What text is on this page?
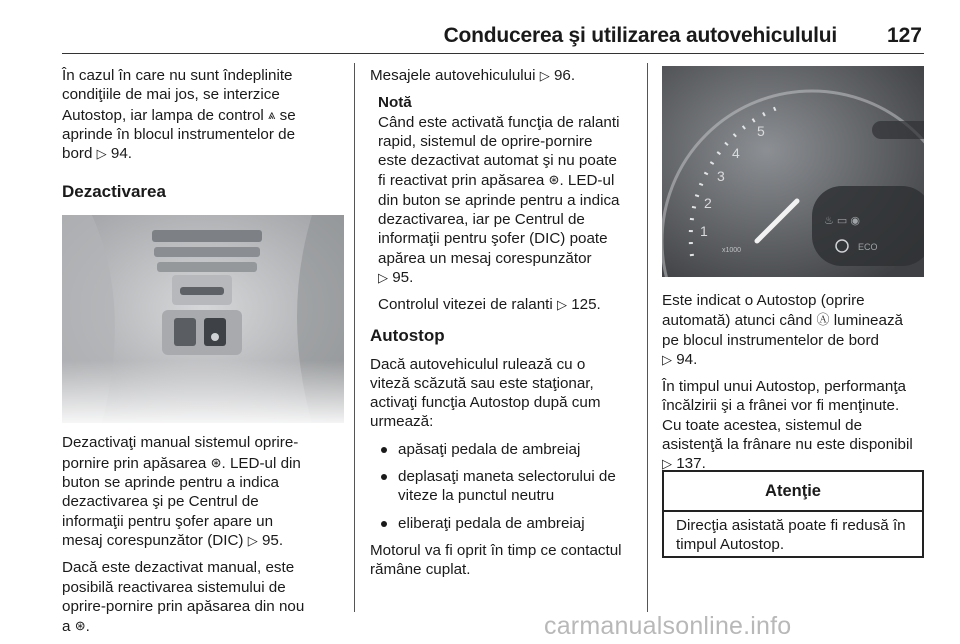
Conducerea şi utilizarea autovehiculului 127

În cazul în care nu sunt îndeplinite
condiţiile de mai jos, se interzice
Autostop, iar lampa de control ⩓ se
aprinde în blocul instrumentelor de
bord ▷ 94.

Dezactivarea

Dezactivaţi manual sistemul oprire-
pornire prin apăsarea ⊛. LED-ul din
buton se aprinde pentru a indica
dezactivarea şi pe Centrul de
informaţii pentru şofer apare un
mesaj corespunzător (DIC) ▷ 95.

Dacă este dezactivat manual, este
posibilă reactivarea sistemului de
oprire-pornire prin apăsarea din nou
a ⊛.

Mesajele autovehiculului ▷ 96.

Notă

Când este activată funcţia de ralanti
rapid, sistemul de oprire-pornire
este dezactivat automat şi nu poate
fi reactivat prin apăsarea ⊛. LED-ul
din buton se aprinde pentru a indica
dezactivarea, iar pe Centrul de
informaţii pentru şofer (DIC) poate
apărea un mesaj corespunzător
▷ 95.

Controlul vitezei de ralanti ▷ 125.

Autostop

Dacă autovehiculul rulează cu o
viteză scăzută sau este staţionar,
activaţi funcţia Autostop după cum
urmează:

apăsaţi pedala de ambreiaj
deplasaţi maneta selectorului de viteze la punctul neutru
eliberaţi pedala de ambreiaj

Motorul va fi oprit în timp ce contactul
rămâne cuplat.

5
4
3
2
1
x1000
♨ ▭ ◉
ECO

Este indicat o Autostop (oprire
automată) atunci când Ⓐ luminează
pe blocul instrumentelor de bord
▷ 94.

În timpul unui Autostop, performanţa
încălzirii şi a frânei vor fi menţinute.
Cu toate acestea, sistemul de
asistenţă la frânare nu este disponibil
▷ 137.

Atenţie
Direcţia asistată poate fi redusă în
timpul Autostop.
carmanualsonline.info
